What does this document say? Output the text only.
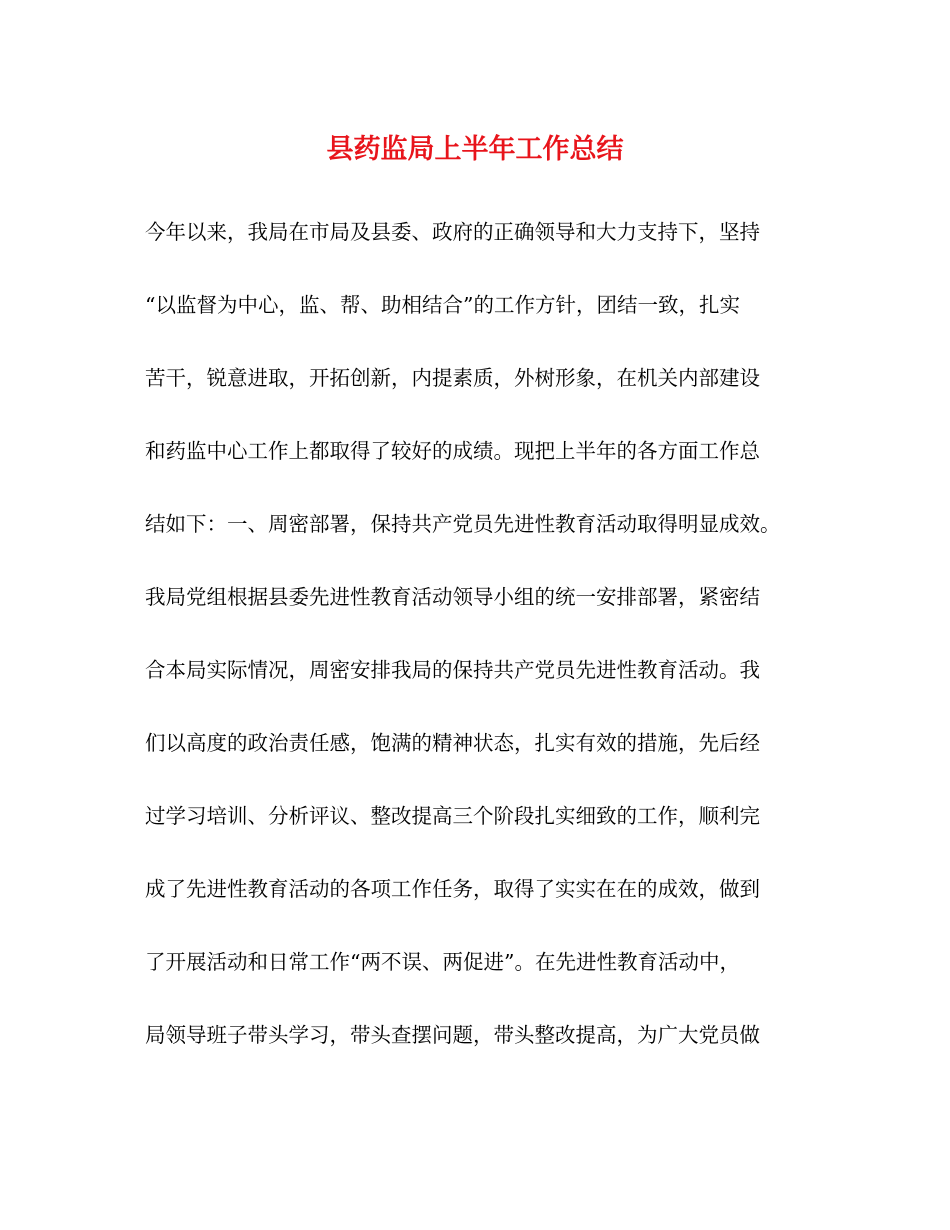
县药监局上半年工作总结
今年以来，我局在市局及县委、政府的正确领导和大力支持下，坚持
“以监督为中心，监、帮、助相结合”的工作方针，团结一致，扎实
苦干，锐意进取，开拓创新，内提素质，外树形象，在机关内部建设
和药监中心工作上都取得了较好的成绩。现把上半年的各方面工作总
结如下：一、周密部署，保持共产党员先进性教育活动取得明显成效。
我局党组根据县委先进性教育活动领导小组的统一安排部署，紧密结
合本局实际情况，周密安排我局的保持共产党员先进性教育活动。我
们以高度的政治责任感，饱满的精神状态，扎实有效的措施，先后经
过学习培训、分析评议、整改提高三个阶段扎实细致的工作，顺利完
成了先进性教育活动的各项工作任务，取得了实实在在的成效，做到
了开展活动和日常工作“两不误、两促进”。在先进性教育活动中，
局领导班子带头学习，带头查摆问题，带头整改提高，为广大党员做
